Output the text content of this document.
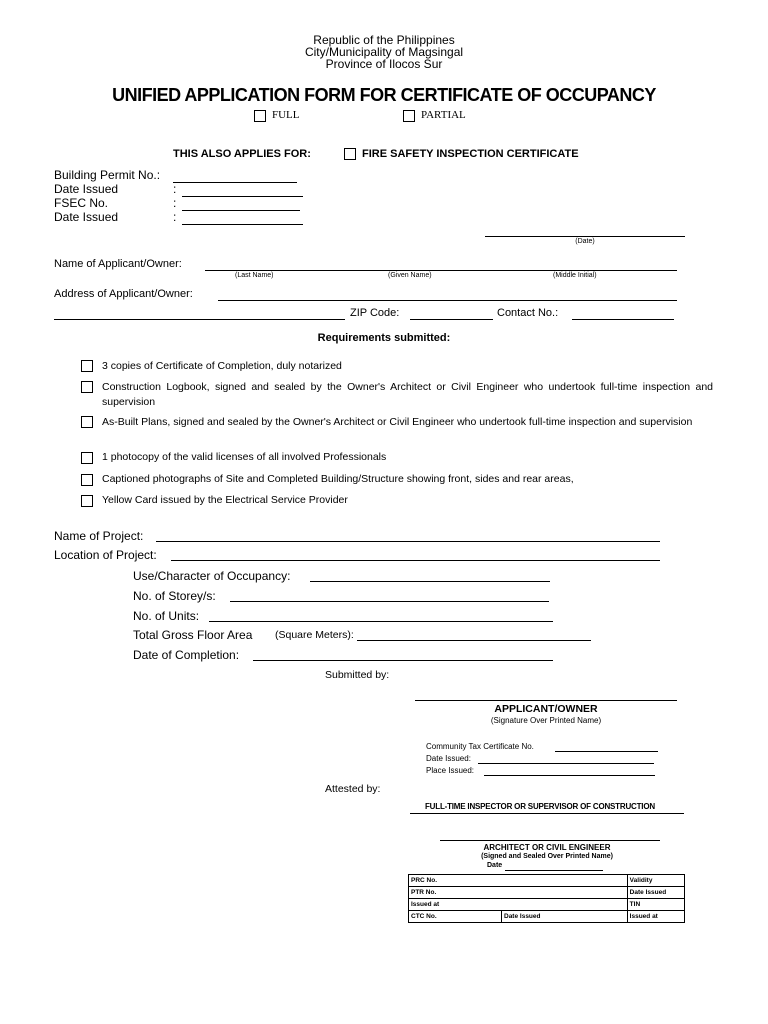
Republic of the Philippines
City/Municipality of Magsingal
Province of Ilocos Sur
UNIFIED APPLICATION FORM FOR CERTIFICATE OF OCCUPANCY
FULL	PARTIAL
THIS ALSO APPLIES FOR:	FIRE SAFETY INSPECTION CERTIFICATE
Building Permit No.:
Date Issued	:
FSEC No.	:
Date Issued	:
(Date)
Name of Applicant/Owner:
(Last Name)	(Given Name)	(Middle Initial)
Address of Applicant/Owner:
ZIP Code:	Contact No.:
Requirements submitted:
3 copies of Certificate of Completion, duly notarized
Construction Logbook, signed and sealed by the Owner's Architect or Civil Engineer who undertook full-time inspection and supervision
As-Built Plans, signed and sealed by the Owner's Architect or Civil Engineer who undertook full-time inspection and supervision
1 photocopy of the valid licenses of all involved Professionals
Captioned photographs of Site and Completed Building/Structure showing front, sides and rear areas,
Yellow Card issued by the Electrical Service Provider
Name of Project:
Location of Project:
Use/Character of Occupancy:
No. of Storey/s:
No. of Units:
Total Gross Floor Area (Square Meters):
Date of Completion:
Submitted by:
APPLICANT/OWNER
(Signature Over Printed Name)
Community Tax Certificate No.
Date Issued:
Place Issued:
Attested by:
FULL-TIME INSPECTOR OR SUPERVISOR OF CONSTRUCTION
ARCHITECT OR CIVIL ENGINEER
(Signed and Sealed Over Printed Name)
Date
PRC No.		Validity
PTR No.		Date Issued
Issued at		TIN
CTC No.	Date Issued	Issued at
